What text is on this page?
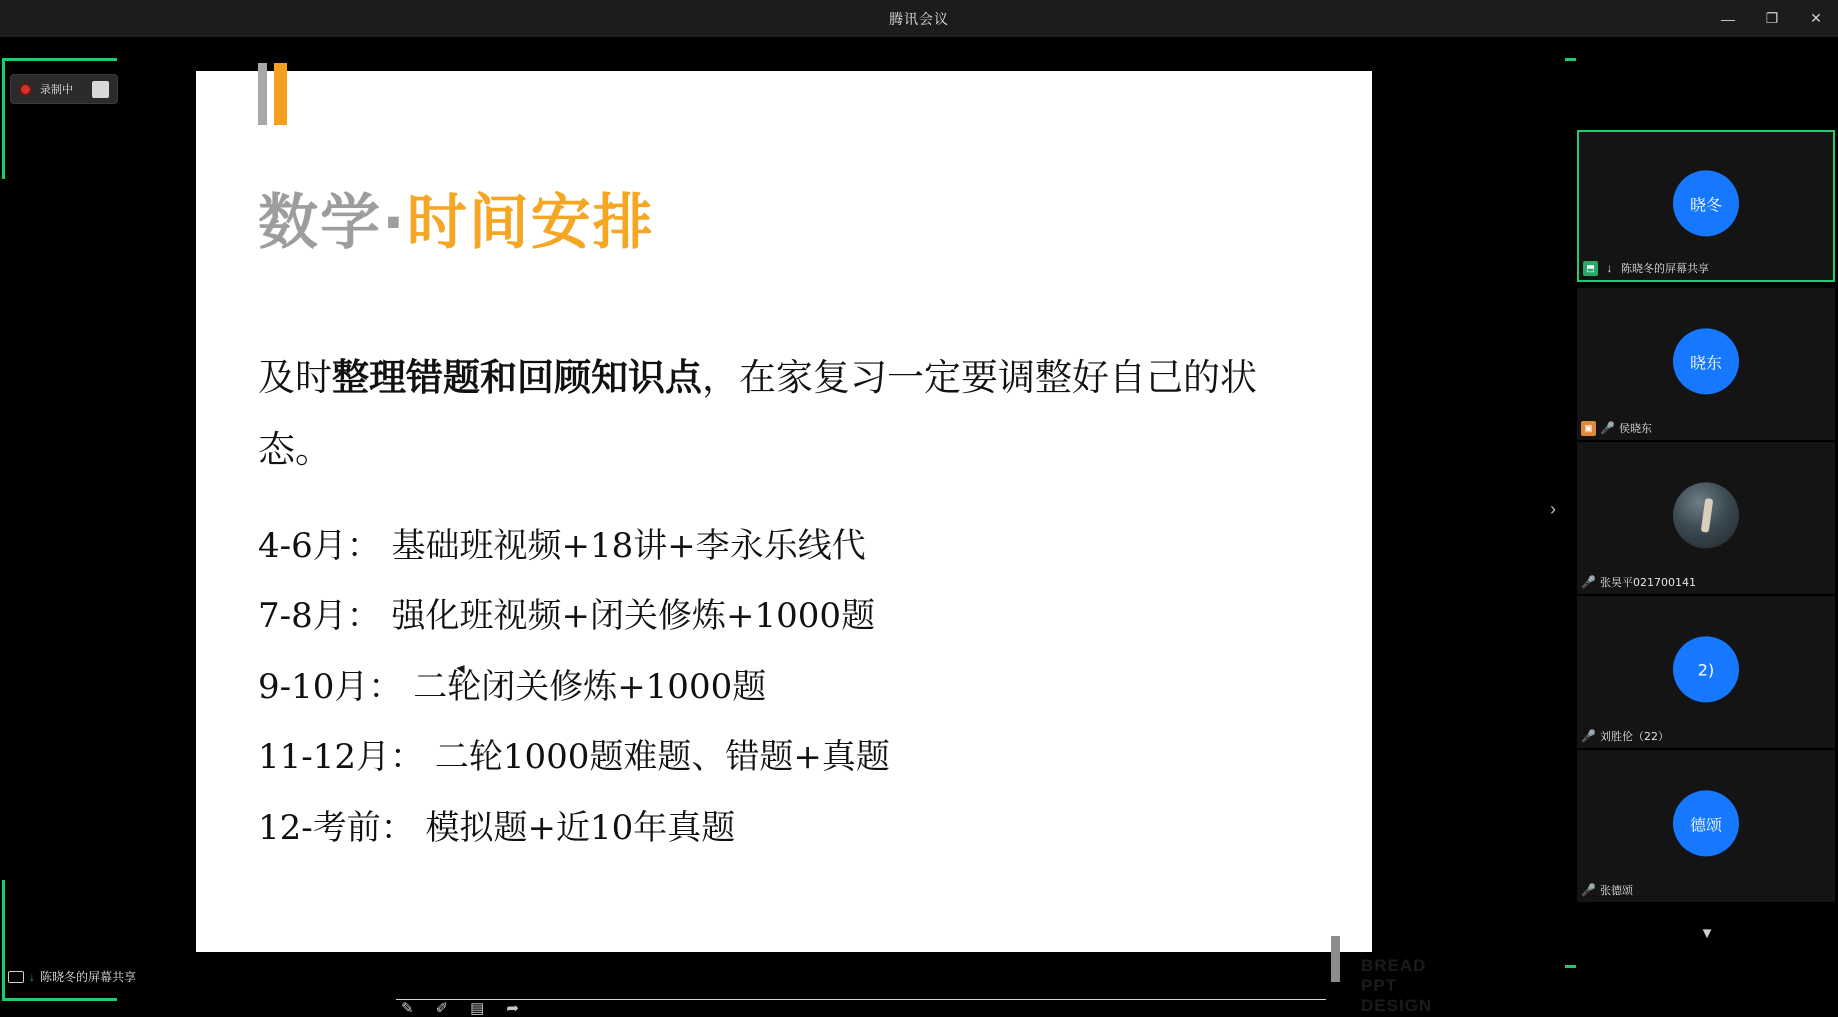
腾讯会议	—	❐	✕
录制中
数学·时间安排
及时整理错题和回顾知识点，在家复习一定要调整好自己的状态。
4-6月： 基础班视频+18讲+李永乐线代
7-8月： 强化班视频+闭关修炼+1000题
9-10月： 二轮闭关修炼+1000题
11-12月： 二轮1000题难题、错题+真题
12-考前： 模拟题+近10年真题
BREAD PPT DESIGN
✎ ✐ ▤ ➦
›
▼
晓冬
⬒ ↓ 陈晓冬的屏幕共享
晓东
▣ 🎤 侯晓东
🎤 张昊平021700141
2)
🎤 刘胜伦（22）
德颂
🎤 张德颂
↓ 陈晓冬的屏幕共享
